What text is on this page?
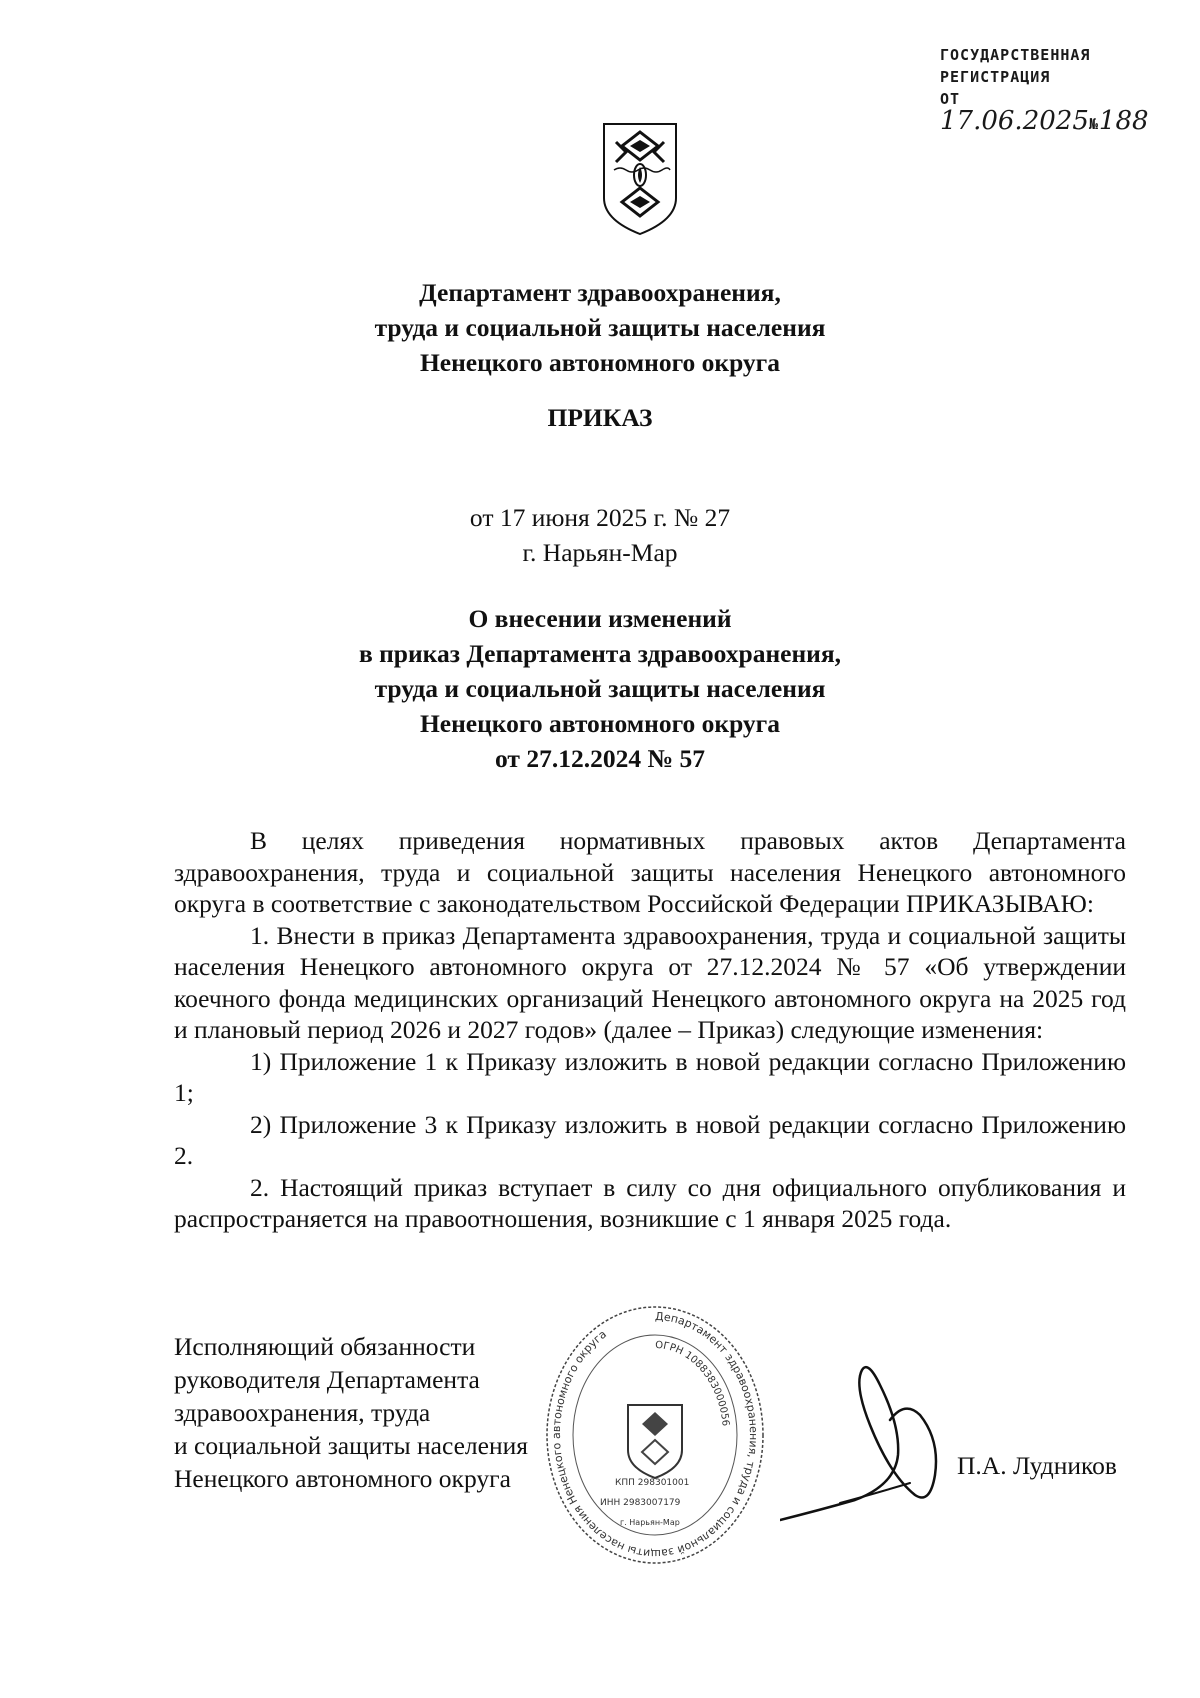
ГОСУДАРСТВЕННАЯ
РЕГИСТРАЦИЯ
ОТ 17.06.2025№188
Департамент здравоохранения,
труда и социальной защиты населения
Ненецкого автономного округа
ПРИКАЗ
от 17 июня 2025 г. № 27
г. Нарьян-Мар
О внесении изменений
в приказ Департамента здравоохранения,
труда и социальной защиты населения
Ненецкого автономного округа
от 27.12.2024 № 57

В целях приведения нормативных правовых актов Департамента здравоохранения, труда и социальной защиты населения Ненецкого автономного округа в соответствие с законодательством Российской Федерации ПРИКАЗЫВАЮ:

1. Внести в приказ Департамента здравоохранения, труда и социальной защиты населения Ненецкого автономного округа от 27.12.2024 № 57 «Об утверждении коечного фонда медицинских организаций Ненецкого автономного округа на 2025 год и плановый период 2026 и 2027 годов» (далее – Приказ) следующие изменения:

1) Приложение 1 к Приказу изложить в новой редакции согласно Приложению 1;

2) Приложение 3 к Приказу изложить в новой редакции согласно Приложению 2.

2. Настоящий приказ вступает в силу со дня официального опубликования и распространяется на правоотношения, возникшие с 1 января 2025 года.

Департамент здравоохранения, труда и социальной защиты населения Ненецкого автономного округа
ОГРН 1088383000056
ИНН 2983007179
КПП 298301001
г. Нарьян-Мар
Исполняющий обязанности
руководителя Департамента
здравоохранения, труда
и социальной защиты населения
Ненецкого автономного округа	П.А. Лудников
